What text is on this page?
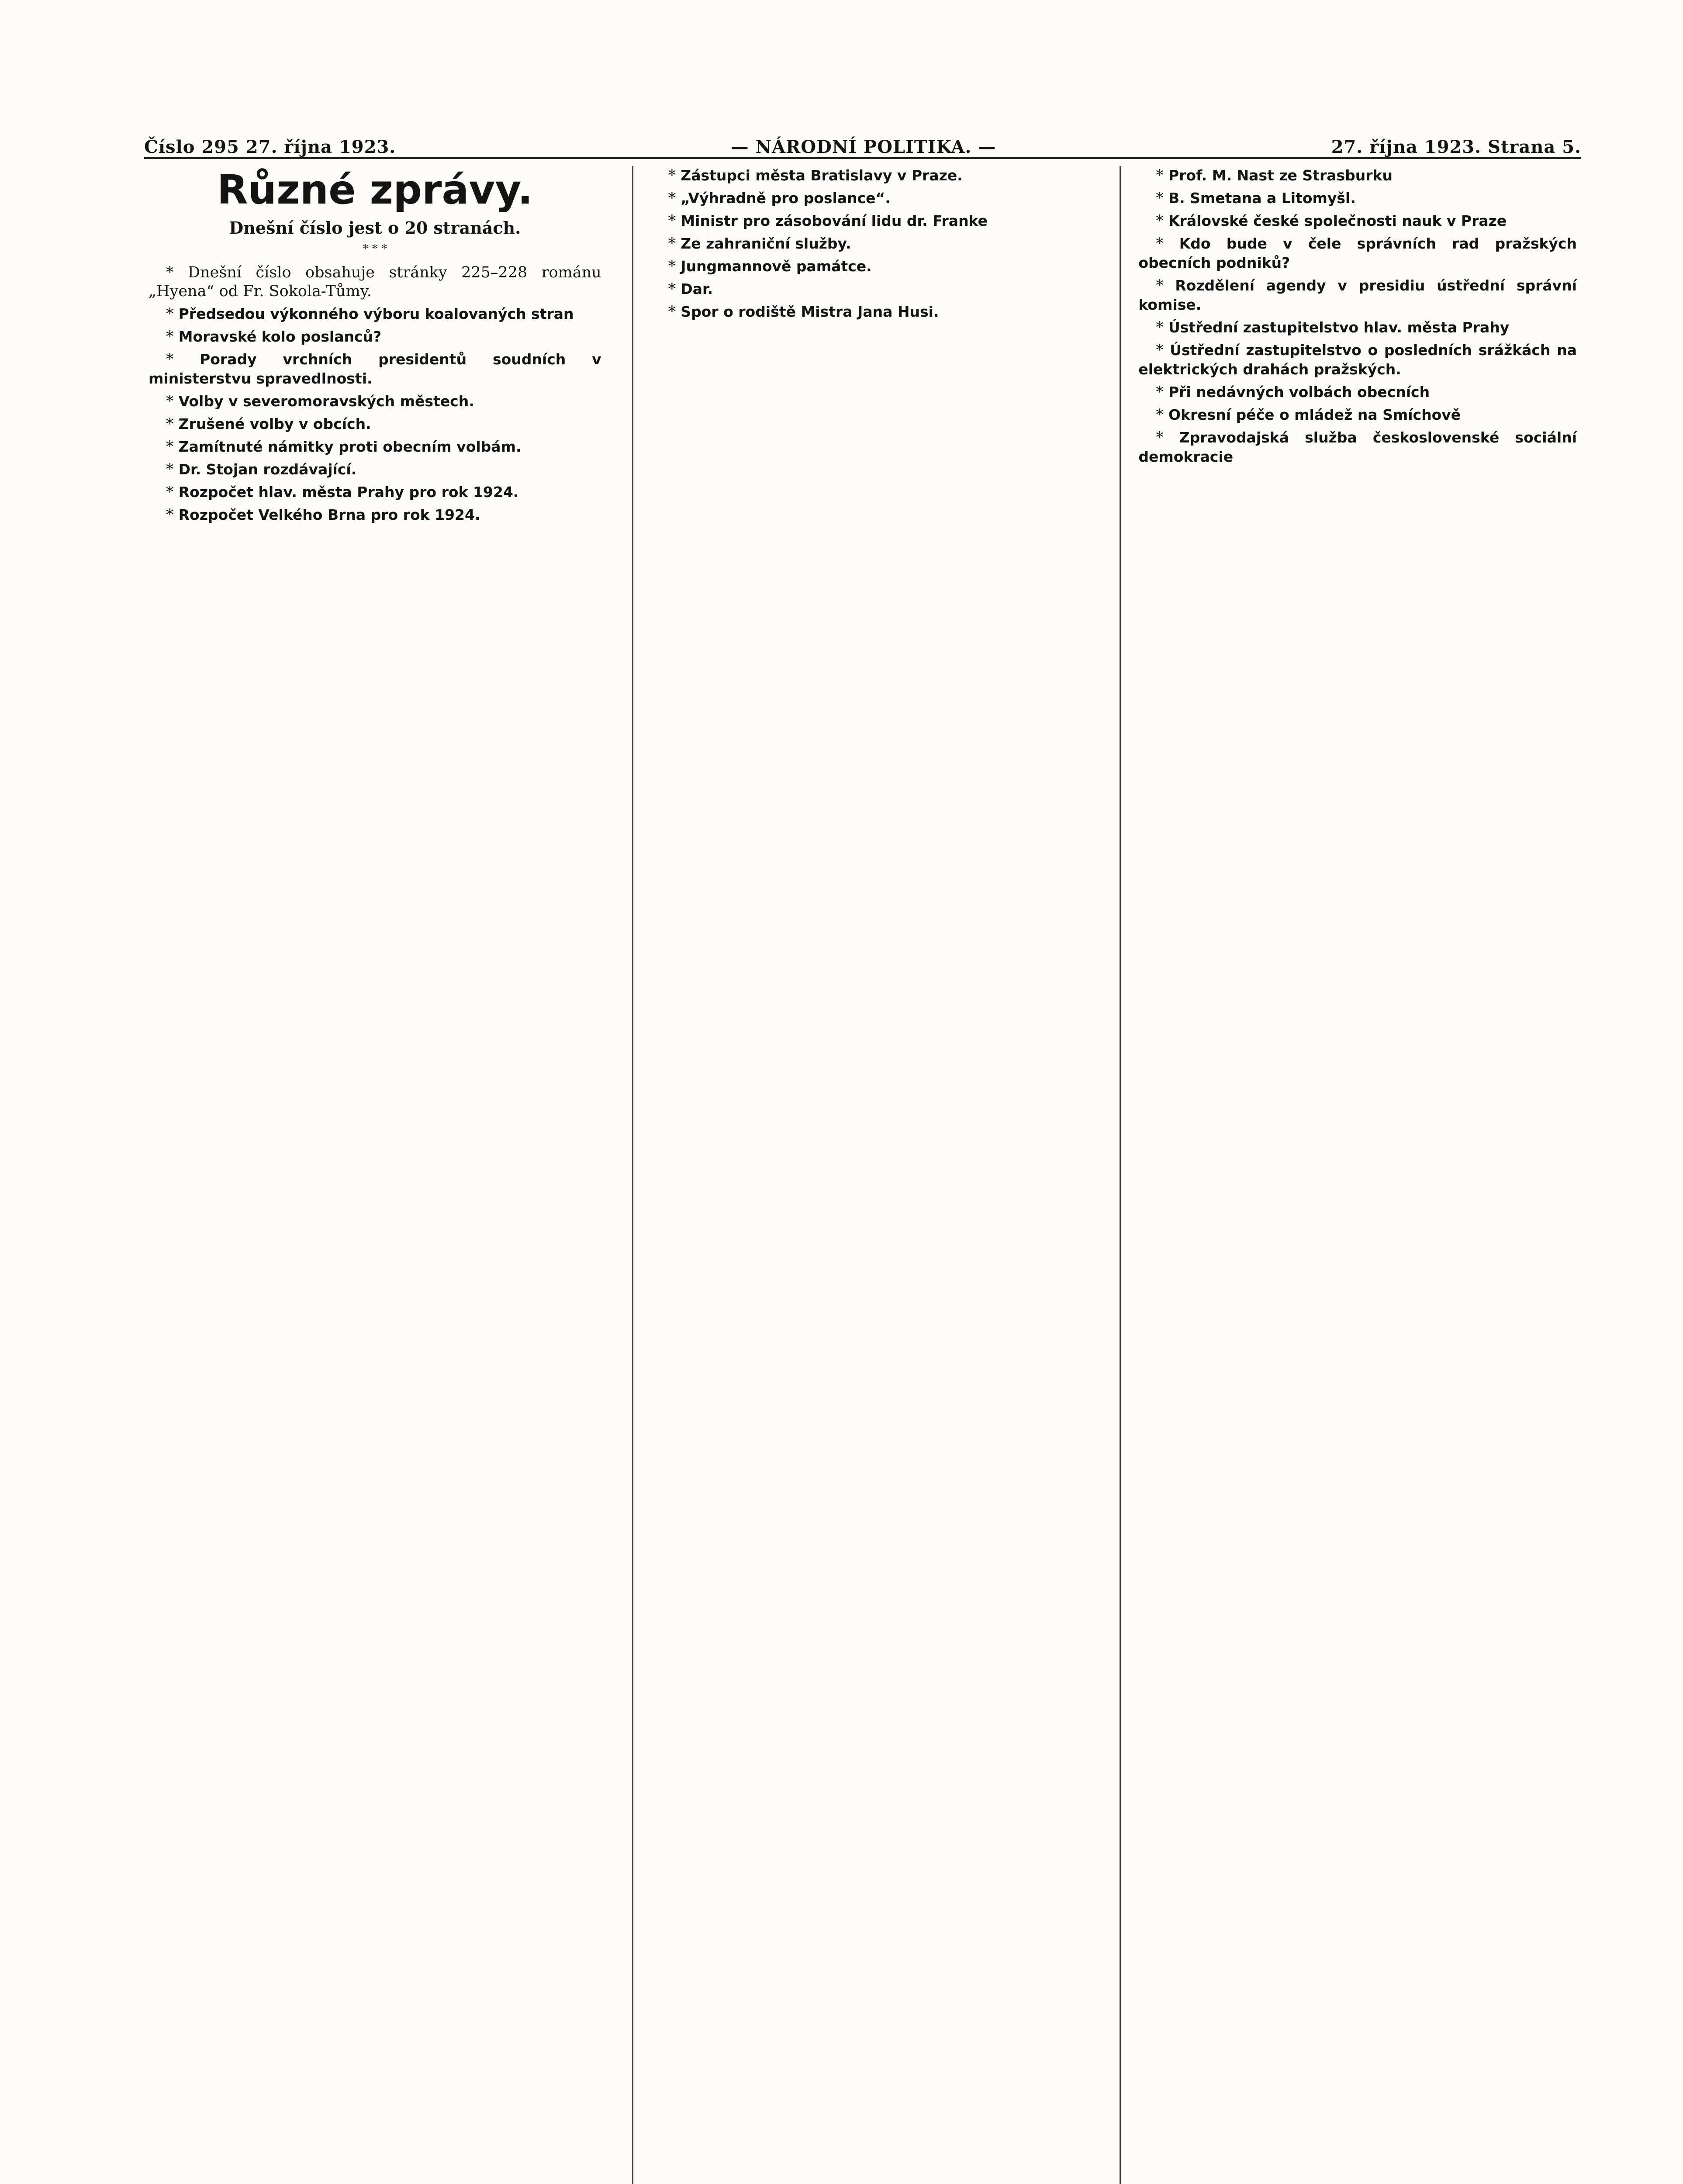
Číslo 295 27. října 1923.	— NÁRODNÍ POLITIKA. —	27. října 1923. Strana 5.
Různé zprávy.
Dnešní číslo jest o 20 stranách.
* * *

* Dnešní číslo obsahuje stránky 225–228 románu „Hyena“ od Fr. Sokola-Tůmy.

* Předsedou výkonného výboru koalovaných stran

* Moravské kolo poslanců?

* Porady vrchních presidentů soudních v ministerstvu spravedlnosti.

* Volby v severomoravských městech.

* Zrušené volby v obcích.

* Zamítnuté námitky proti obecním volbám.

* Dr. Stojan rozdávající.

* Rozpočet hlav. města Prahy pro rok 1924.

* Rozpočet Velkého Brna pro rok 1924.

* Zástupci města Bratislavy v Praze.

* „Výhradně pro poslance“.

* Ministr pro zásobování lidu dr. Franke

* Ze zahraniční služby.

* Jungmannově památce.

* Dar.

* Spor o rodiště Mistra Jana Husi.

* Prof. M. Nast ze Strasburku

* B. Smetana a Litomyšl.

* Královské české společnosti nauk v Praze

* Kdo bude v čele správních rad pražských obecních podniků?

* Rozdělení agendy v presidiu ústřední správní komise.

* Ústřední zastupitelstvo hlav. města Prahy

* Ústřední zastupitelstvo o posledních srážkách na elektrických drahách pražských.

* Při nedávných volbách obecních

* Okresní péče o mládež na Smíchově

* Zpravodajská služba československé sociální demokracie
